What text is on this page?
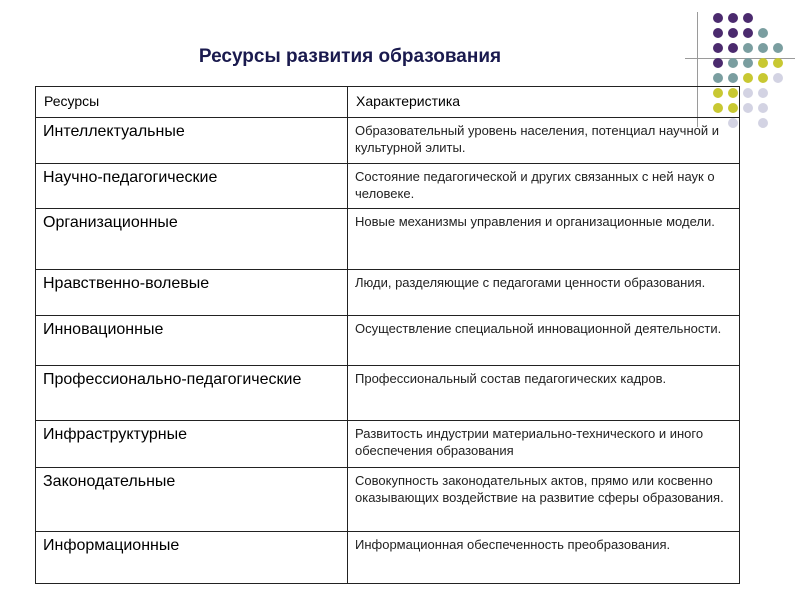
Ресурсы развития образования
Ресурсы	Характеристика
Интеллектуальные	Образовательный уровень населения, потенциал научной и культурной элиты.
Научно-педагогические	Состояние педагогической и других связанных с ней наук о человеке.
Организационные	Новые механизмы управления и организационные модели.
Нравственно-волевые	Люди, разделяющие с педагогами ценности образования.
Инновационные	Осуществление специальной инновационной деятельности.
Профессионально-педагогические	Профессиональный состав педагогических кадров.
Инфраструктурные	Развитость индустрии материально-технического и иного обеспечения образования
Законодательные	Совокупность законодательных актов, прямо или косвенно оказывающих воздействие на развитие сферы образования.
Информационные	Информационная обеспеченность преобразования.
